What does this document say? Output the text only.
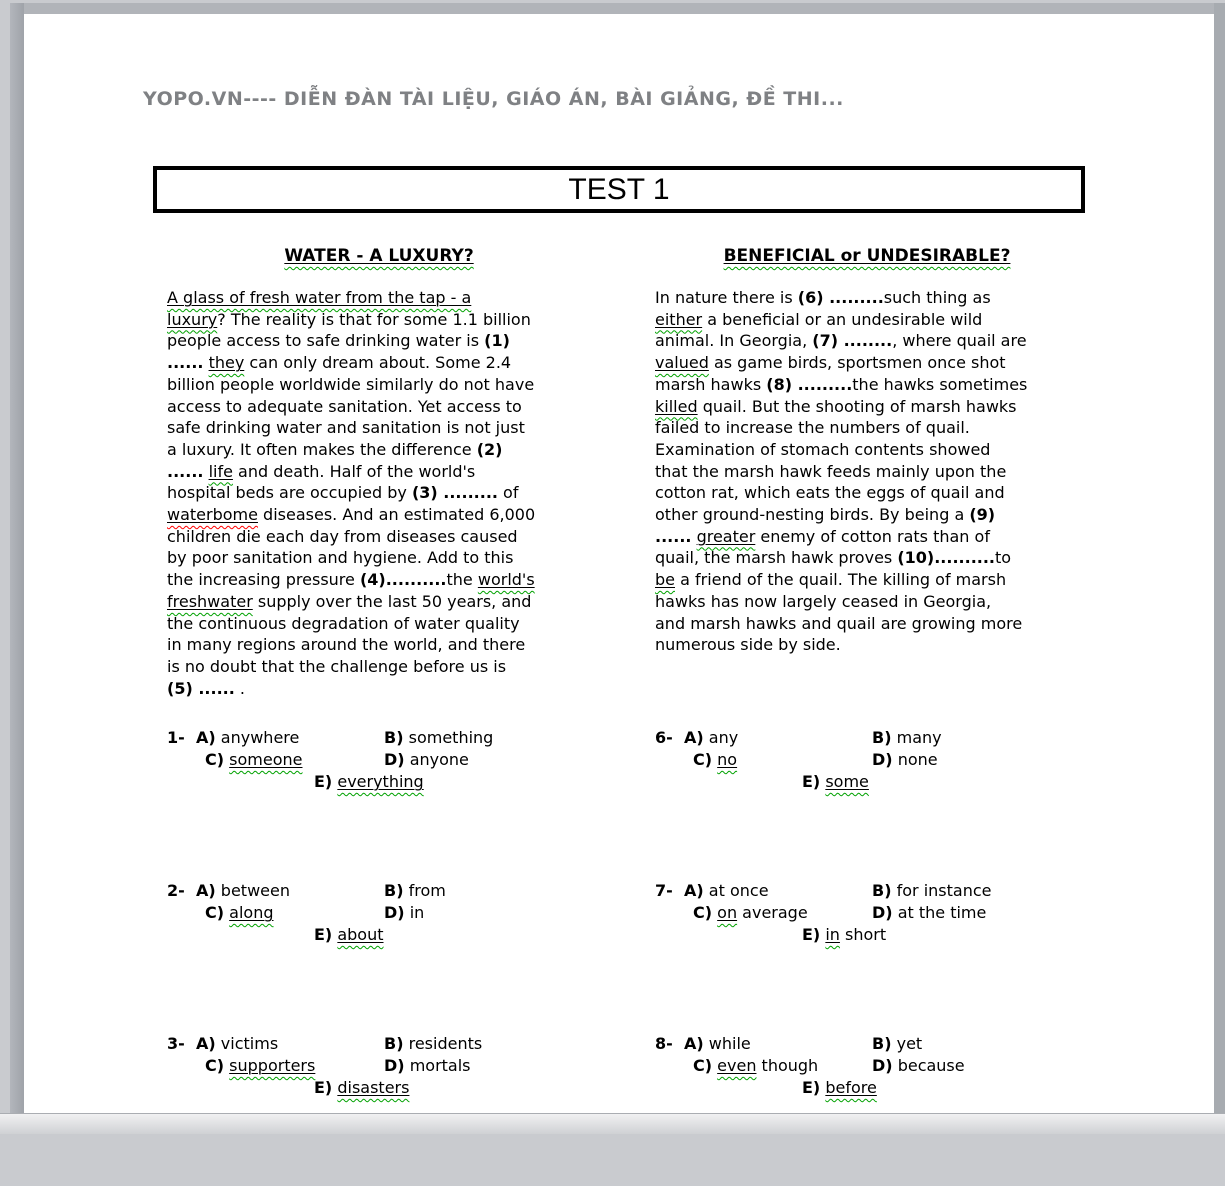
YOPO.VN---- DIỄN ĐÀN TÀI LIỆU, GIÁO ÁN, BÀI GIẢNG, ĐỀ THI...
TEST 1
WATER - A LUXURY?
A glass of fresh water from the tap - a
luxury? The reality is that for some 1.1 billion
people access to safe drinking water is (1)
...... they can only dream about. Some 2.4
billion people worldwide similarly do not have
access to adequate sanitation. Yet access to
safe drinking water and sanitation is not just
a luxury. It often makes the difference (2)
...... life and death. Half of the world's
hospital beds are occupied by (3) ......... of
waterbome diseases. And an estimated 6,000
children die each day from diseases caused
by poor sanitation and hygiene. Add to this
the increasing pressure (4)..........the world's
freshwater supply over the last 50 years, and
the continuous degradation of water quality
in many regions around the world, and there
is no doubt that the challenge before us is
(5) ...... .
BENEFICIAL or UNDESIRABLE?
In nature there is (6) .........such thing as
either a beneficial or an undesirable wild
animal. In Georgia, (7) ........, where quail are
valued as game birds, sportsmen once shot
marsh hawks (8) .........the hawks sometimes
killed quail. But the shooting of marsh hawks
failed to increase the numbers of quail.
Examination of stomach contents showed
that the marsh hawk feeds mainly upon the
cotton rat, which eats the eggs of quail and
other ground-nesting birds. By being a (9)
...... greater enemy of cotton rats than of
quail, the marsh hawk proves (10)..........to
be a friend of the quail. The killing of marsh
hawks has now largely ceased in Georgia,
and marsh hawks and quail are growing more
numerous side by side.
1- A) anywhere	B) something
C) someone	D) anyone
E) everything
2- A) between	B) from
C) along	D) in
E) about
3- A) victims	B) residents
C) supporters	D) mortals
E) disasters
6- A) any	B) many
C) no	D) none
E) some
7- A) at once	B) for instance
C) on average	D) at the time
E) in short
8- A) while	B) yet
C) even though	D) because
E) before
